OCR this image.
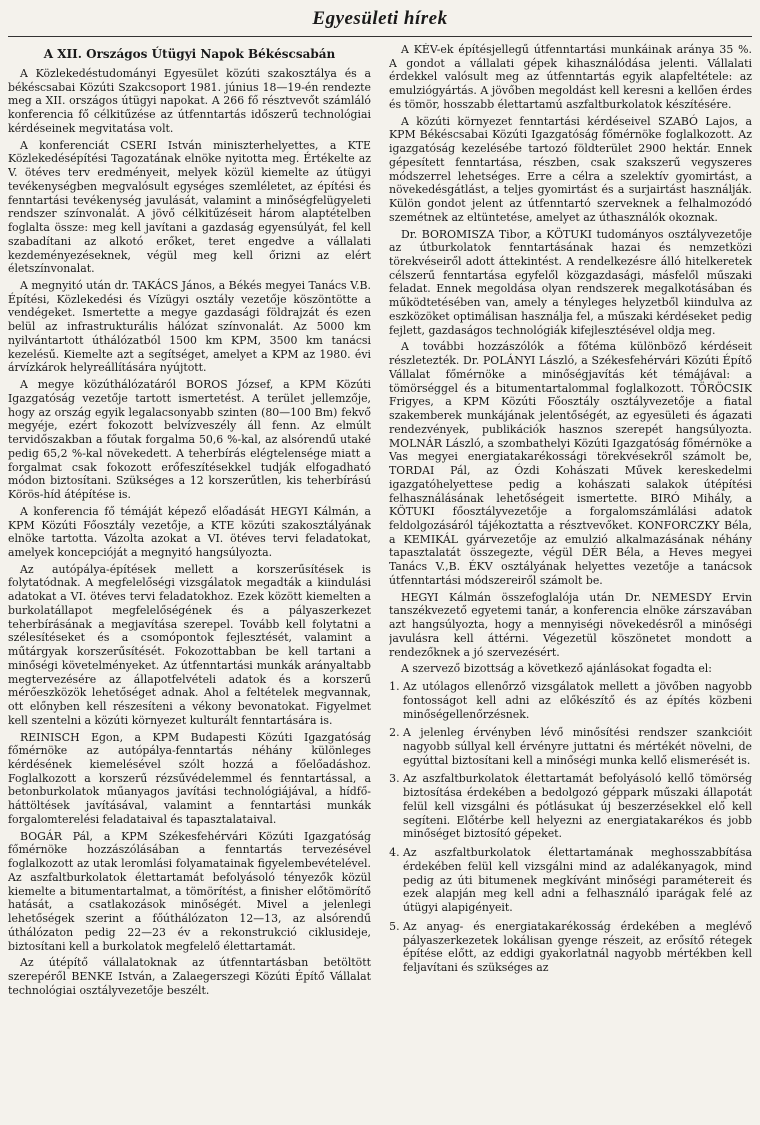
Egyesületi hírek
A XII. Országos Útügyi Napok Békéscsabán

A Közlekedéstudományi Egyesület közúti szakosztálya és a békéscsabai Közúti Szakcsoport 1981. június 18—19-én rendezte meg a XII. országos útügyi napokat. A 266 fő résztvevőt számláló konferencia fő célkitűzése az útfenntartás időszerű technológiai kérdéseinek megvitatása volt.

A konferenciát CSERI István miniszterhelyettes, a KTE Közlekedésépítési Tagozatának elnöke nyitotta meg. Értékelte az V. ötéves terv eredményeit, melyek közül kiemelte az útügyi tevékenységben megvalósult egységes szemléletet, az építési és fenntartási tevékenység javulását, valamint a minőségfelügyeleti rendszer színvonalát. A jövő célkitűzéseit három alaptételben foglalta össze: meg kell javítani a gazdaság egyensúlyát, fel kell szabadítani az alkotó erőket, teret engedve a vállalati kezdeményezéseknek, végül meg kell őrizni az elért életszínvonalat.

A megnyitó után dr. TAKÁCS János, a Békés megyei Tanács V.B. Építési, Közlekedési és Vízügyi osztály vezetője köszöntötte a vendégeket. Ismertette a megye gazdasági földrajzát és ezen belül az infrastrukturális hálózat színvonalát. Az 5000 km nyilvántartott úthálózatból 1500 km KPM, 3500 km tanácsi kezelésű. Kiemelte azt a segítséget, amelyet a KPM az 1980. évi árvízkárok helyreállítására nyújtott.

A megye közúthálózatáról BOROS József, a KPM Közúti Igazgatóság vezetője tartott ismertetést. A terület jellemzője, hogy az ország egyik legalacsonyabb szinten (80—100 Bm) fekvő megyéje, ezért fokozott belvízveszély áll fenn. Az elmúlt tervidőszakban a főutak forgalma 50,6 %-kal, az alsórendű utaké pedig 65,2 %-kal növekedett. A teherbírás elégtelensége miatt a forgalmat csak fokozott erőfeszítésekkel tudják elfogadható módon biztosítani. Szükséges a 12 korszerűtlen, kis teherbírású Körös-híd átépítése is.

A konferencia fő témáját képező előadását HEGYI Kálmán, a KPM Közúti Főosztály vezetője, a KTE közúti szakosztályának elnöke tartotta. Vázolta azokat a VI. ötéves tervi feladatokat, amelyek koncepcióját a megnyitó hangsúlyozta.

Az autópálya-építések mellett a korszerűsítések is folytatódnak. A megfelelőségi vizsgálatok megadták a kiindulási adatokat a VI. ötéves tervi feladatokhoz. Ezek között kiemelten a burkolatállapot megfelelőségének és a pályaszerkezet teherbírásának a megjavítása szerepel. Tovább kell folytatni a szélesítéseket és a csomópontok fejlesztését, valamint a műtárgyak korszerűsítését. Fokozottabban be kell tartani a minőségi követelményeket. Az útfenntartási munkák arányaltabb megtervezésére az állapotfelvételi adatok és a korszerű mérőeszközök lehetőséget adnak. Ahol a feltételek megvannak, ott előnyben kell részesíteni a vékony bevonatokat. Figyelmet kell szentelni a közúti környezet kulturált fenntartására is.

REINISCH Egon, a KPM Budapesti Közúti Igazgatóság főmérnöke az autópálya-fenntartás néhány különleges kérdésének kiemelésével szólt hozzá a főelőadáshoz. Foglalkozott a korszerű rézsűvédelemmel és fenntartással, a betonburkolatok műanyagos javítási technológiájával, a hídfő-háttöltések javításával, valamint a fenntartási munkák forgalomterelési feladataival és tapasztalataival.

BOGÁR Pál, a KPM Székesfehérvári Közúti Igazgatóság főmérnöke hozzászólásában a fenntartás tervezésével foglalkozott az utak leromlási folyamatainak figyelembevételével. Az aszfaltburkolatok élettartamát befolyásoló tényezők közül kiemelte a bitumentartalmat, a tömörítést, a finisher előtömörítő hatását, a csatlakozások minőségét. Mivel a jelenlegi lehetőségek szerint a főúthálózaton 12—13, az alsórendű úthálózaton pedig 22—23 év a rekonstrukció ciklusideje, biztosítani kell a burkolatok megfelelő élettartamát.

Az útépítő vállalatoknak az útfenntartásban betöltött szerepéről BENKE István, a Zalaegerszegi Közúti Építő Vállalat technológiai osztályvezetője beszélt.

A KÉV-ek építésjellegű útfenntartási munkáinak aránya 35 %. A gondot a vállalati gépek kihasználódása jelenti. Vállalati érdekkel valósult meg az útfenntartás egyik alapfeltétele: az emulziógyártás. A jövőben megoldást kell keresni a kellően érdes és tömör, hosszabb élettartamú aszfaltburkolatok készítésére.

A közúti környezet fenntartási kérdéseivel SZABÓ Lajos, a KPM Békéscsabai Közúti Igazgatóság főmérnöke foglalkozott. Az igazgatóság kezelésébe tartozó földterület 2900 hektár. Ennek gépesített fenntartása, részben, csak szakszerű vegyszeres módszerrel lehetséges. Erre a célra a szelektív gyomirtást, a növekedésgátlást, a teljes gyomirtást és a surjairtást használják. Külön gondot jelent az útfenntartó szerveknek a felhalmozódó szemétnek az eltüntetése, amelyet az úthasználók okoznak.

Dr. BOROMISZA Tibor, a KÖTUKI tudományos osztályvezetője az útburkolatok fenntartásának hazai és nemzetközi törekvéseiről adott áttekintést. A rendelkezésre álló hitelkeretek célszerű fenntartása egyfelől közgazdasági, másfelől műszaki feladat. Ennek megoldása olyan rendszerek megalkotásában és működtetésében van, amely a tényleges helyzetből kiindulva az eszközöket optimálisan használja fel, a műszaki kérdéseket pedig fejlett, gazdaságos technológiák kifejlesztésével oldja meg.

A további hozzászólók a főtéma különböző kérdéseit részletezték. Dr. POLÁNYI László, a Székesfehérvári Közúti Építő Vállalat főmérnöke a minőségjavítás két témájával: a tömörséggel és a bitumentartalommal foglalkozott. TÖRÖCSIK Frigyes, a KPM Közúti Főosztály osztályvezetője a fiatal szakemberek munkájának jelentőségét, az egyesületi és ágazati rendezvények, publikációk hasznos szerepét hangsúlyozta. MOLNÁR László, a szombathelyi Közúti Igazgatóság főmérnöke a Vas megyei energiatakarékossági törekvésekről számolt be, TORDAI Pál, az Ózdi Kohászati Művek kereskedelmi igazgatóhelyettese pedig a kohászati salakok útépítési felhasználásának lehetőségeit ismertette. BIRÓ Mihály, a KÖTUKI főosztályvezetője a forgalomszámlálási adatok feldolgozásáról tájékoztatta a résztvevőket. KONFORCZKY Béla, a KEMIKÁL gyárvezetője az emulzió alkalmazásának néhány tapasztalatát összegezte, végül DÉR Béla, a Heves megyei Tanács V.,B. ÉKV osztályának helyettes vezetője a tanácsok útfenntartási módszereiről számolt be.

HEGYI Kálmán összefoglalója után Dr. NEMESDY Ervin tanszékvezető egyetemi tanár, a konferencia elnöke zárszavában azt hangsúlyozta, hogy a mennyiségi növekedésről a minőségi javulásra kell áttérni. Végezetül köszönetet mondott a rendezőknek a jó szervezésért.

A szervező bizottság a következő ajánlásokat fogadta el:

1. Az utólagos ellenőrző vizsgálatok mellett a jövőben nagyobb fontosságot kell adni az előkészítő és az építés közbeni minőségellenőrzésnek.
2. A jelenleg érvényben lévő minősítési rendszer szankcióit nagyobb súllyal kell érvényre juttatni és mértékét növelni, de egyúttal biztosítani kell a minőségi munka kellő elismerését is.
3. Az aszfaltburkolatok élettartamát befolyásoló kellő tömörség biztosítása érdekében a bedolgozó géppark műszaki állapotát felül kell vizsgálni és pótlásukat új beszerzésekkel elő kell segíteni. Előtérbe kell helyezni az energiatakarékos és jobb minőséget biztosító gépeket.
4. Az aszfaltburkolatok élettartamának meghosszabbítása érdekében felül kell vizsgálni mind az adalékanyagok, mind pedig az úti bitumenek megkívánt minőségi paramétereit és ezek alapján meg kell adni a felhasználó iparágak felé az útügyi alapigényeit.
5. Az anyag- és energiatakarékosság érdekében a meglévő pályaszerkezetek lokálisan gyenge részeit, az erősítő rétegek építése előtt, az eddigi gyakorlatnál nagyobb mértékben kell feljavítani és szükséges az
